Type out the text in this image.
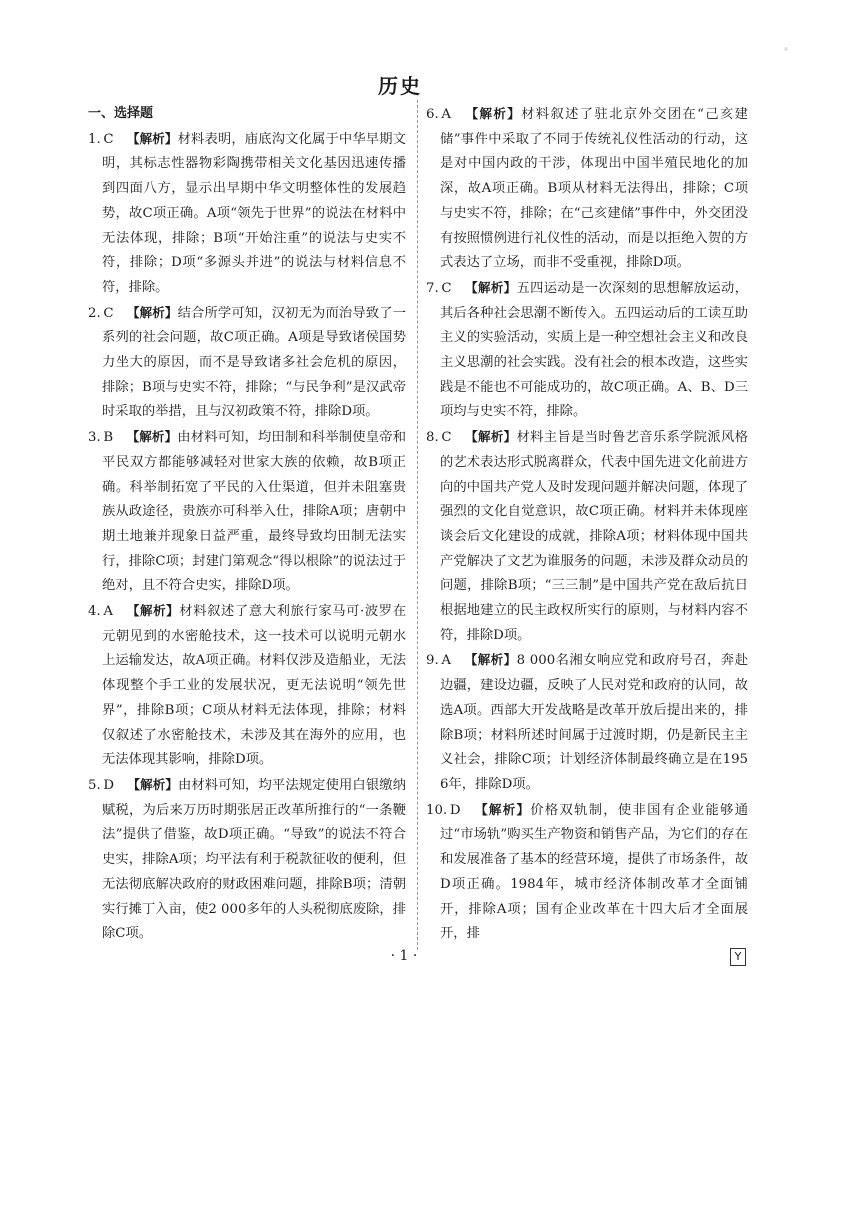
历史
一、选择题
1.  C  【解析】材料表明，庙底沟文化属于中华早期文明，其标志性器物彩陶携带相关文化基因迅速传播到四面八方，显示出早期中华文明整体性的发展趋势，故C项正确。A项“领先于世界”的说法在材料中无法体现，排除；B项“开始注重”的说法与史实不符，排除；D项“多源头并进”的说法与材料信息不符，排除。
2.  C  【解析】结合所学可知，汉初无为而治导致了一系列的社会问题，故C项正确。A项是导致诸侯国势力坐大的原因，而不是导致诸多社会危机的原因，排除；B项与史实不符，排除；“与民争利”是汉武帝时采取的举措，且与汉初政策不符，排除D项。
3.  B  【解析】由材料可知，均田制和科举制使皇帝和平民双方都能够减轻对世家大族的依赖，故B项正确。科举制拓宽了平民的入仕渠道，但并未阻塞贵族从政途径，贵族亦可科举入仕，排除A项；唐朝中期土地兼并现象日益严重，最终导致均田制无法实行，排除C项；封建门第观念“得以根除”的说法过于绝对，且不符合史实，排除D项。
4.  A  【解析】材料叙述了意大利旅行家马可·波罗在元朝见到的水密舱技术，这一技术可以说明元朝水上运输发达，故A项正确。材料仅涉及造船业，无法体现整个手工业的发展状况，更无法说明“领先世界”，排除B项；C项从材料无法体现，排除；材料仅叙述了水密舱技术，未涉及其在海外的应用，也无法体现其影响，排除D项。
5.  D  【解析】由材料可知，均平法规定使用白银缴纳赋税，为后来万历时期张居正改革所推行的“一条鞭法”提供了借鉴，故D项正确。“导致”的说法不符合史实，排除A项；均平法有利于税款征收的便利，但无法彻底解决政府的财政困难问题，排除B项；清朝实行摊丁入亩，使2 000多年的人头税彻底废除，排除C项。
6.  A  【解析】材料叙述了驻北京外交团在“己亥建储”事件中采取了不同于传统礼仪性活动的行动，这是对中国内政的干涉，体现出中国半殖民地化的加深，故A项正确。B项从材料无法得出，排除；C项与史实不符，排除；在“己亥建储”事件中，外交团没有按照惯例进行礼仪性的活动，而是以拒绝入贺的方式表达了立场，而非不受重视，排除D项。
7.  C  【解析】五四运动是一次深刻的思想解放运动，其后各种社会思潮不断传入。五四运动后的工读互助主义的实验活动，实质上是一种空想社会主义和改良主义思潮的社会实践。没有社会的根本改造，这些实践是不能也不可能成功的，故C项正确。A、B、D三项均与史实不符，排除。
8.  C  【解析】材料主旨是当时鲁艺音乐系学院派风格的艺术表达形式脱离群众，代表中国先进文化前进方向的中国共产党人及时发现问题并解决问题，体现了强烈的文化自觉意识，故C项正确。材料并未体现座谈会后文化建设的成就，排除A项；材料体现中国共产党解决了文艺为谁服务的问题，未涉及群众动员的问题，排除B项；“三三制”是中国共产党在敌后抗日根据地建立的民主政权所实行的原则，与材料内容不符，排除D项。
9.  A  【解析】8 000名湘女响应党和政府号召，奔赴边疆，建设边疆，反映了人民对党和政府的认同，故选A项。西部大开发战略是改革开放后提出来的，排除B项；材料所述时间属于过渡时期，仍是新民主主义社会，排除C项；计划经济体制最终确立是在1956年，排除D项。
10.  D  【解析】价格双轨制，使非国有企业能够通过“市场轨”购买生产物资和销售产品，为它们的存在和发展准备了基本的经营环境，提供了市场条件，故D项正确。1984年，城市经济体制改革才全面铺开，排除A项；国有企业改革在十四大后才全面展开，排
· 1 ·	Y
